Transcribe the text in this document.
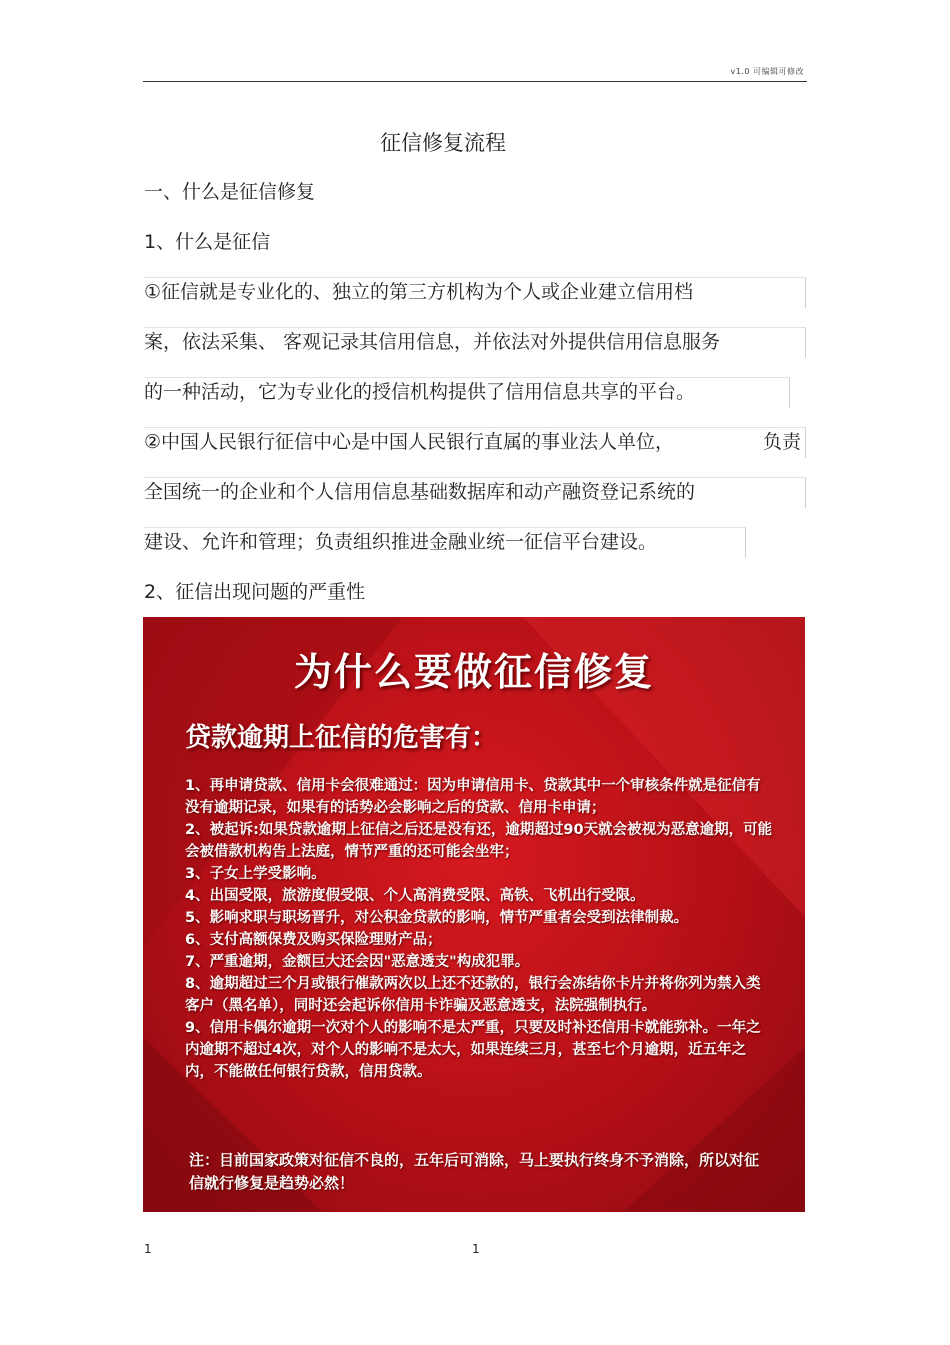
v1.0 可编辑可修改
征信修复流程
一、什么是征信修复
1、什么是征信
①征信就是专业化的、独立的第三方机构为个人或企业建立信用档
案，依法采集、 客观记录其信用信息，并依法对外提供信用信息服务
的一种活动，它为专业化的授信机构提供了信用信息共享的平台。
②中国人民银行征信中心是中国人民银行直属的事业法人单位，	负责
全国统一的企业和个人信用信息基础数据库和动产融资登记系统的
建设、允许和管理；负责组织推进金融业统一征信平台建设。
2、征信出现问题的严重性
为什么要做征信修复
贷款逾期上征信的危害有：
1、再申请贷款、信用卡会很难通过：因为申请信用卡、贷款其中一个审核条件就是征信有没有逾期记录，如果有的话势必会影响之后的贷款、信用卡申请；
2、被起诉:如果贷款逾期上征信之后还是没有还，逾期超过90天就会被视为恶意逾期，可能会被借款机构告上法庭，情节严重的还可能会坐牢；
3、子女上学受影响。
4、出国受限，旅游度假受限、个人高消费受限、高铁、飞机出行受限。
5、影响求职与职场晋升，对公积金贷款的影响，情节严重者会受到法律制裁。
6、支付高额保费及购买保险理财产品；
7、严重逾期，金额巨大还会因"恶意透支"构成犯罪。
8、逾期超过三个月或银行催款两次以上还不还款的，银行会冻结你卡片并将你列为禁入类客户（黑名单），同时还会起诉你信用卡诈骗及恶意透支，法院强制执行。
9、信用卡偶尔逾期一次对个人的影响不是太严重，只要及时补还信用卡就能弥补。一年之内逾期不超过4次，对个人的影响不是太大，如果连续三月，甚至七个月逾期，近五年之内，不能做任何银行贷款，信用贷款。
注：目前国家政策对征信不良的，五年后可消除，马上要执行终身不予消除，所以对征信就行修复是趋势必然！
1	1
